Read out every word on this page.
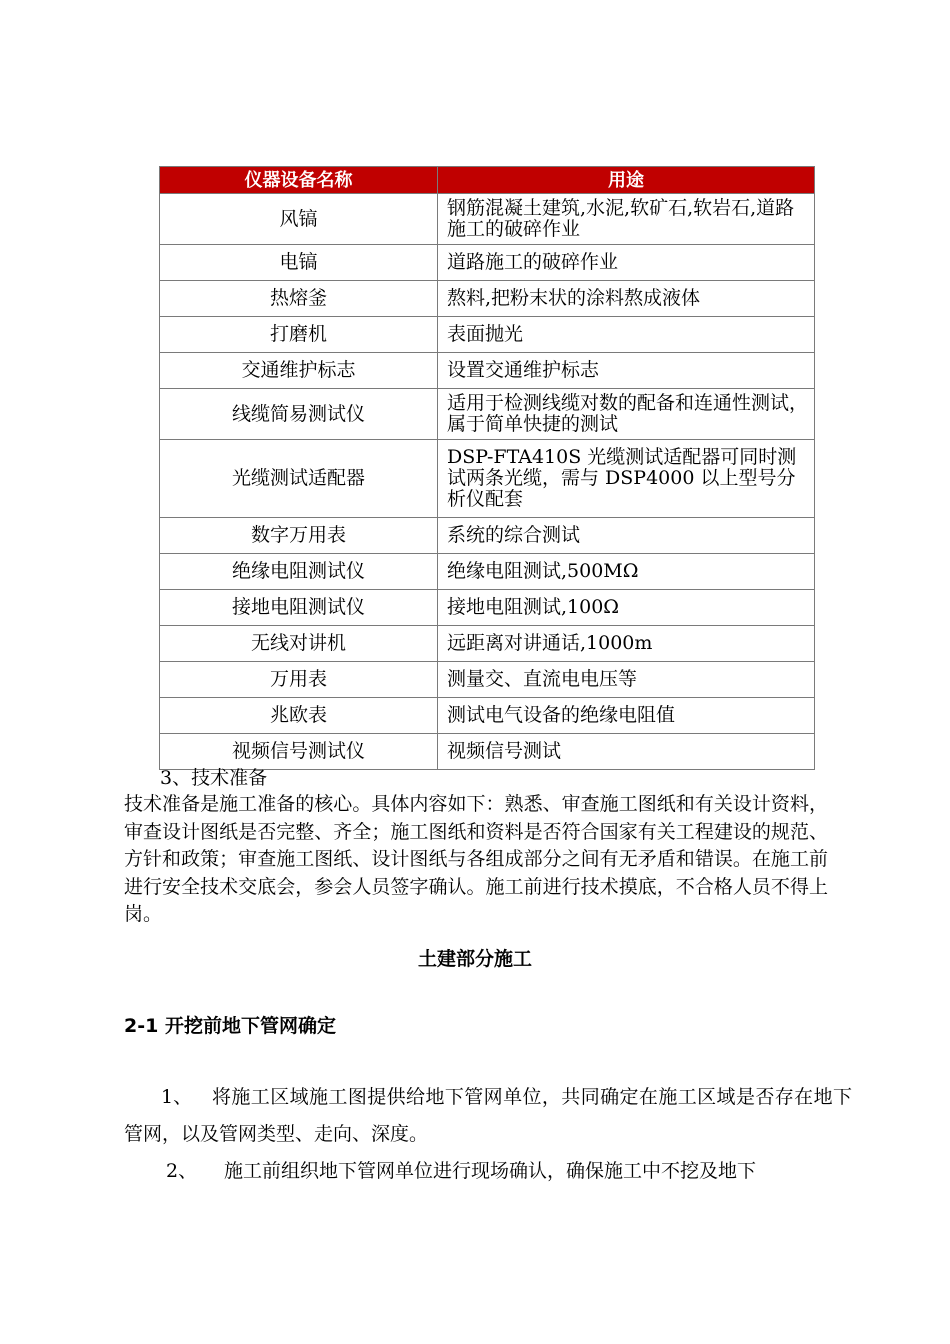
仪器设备名称	用途
风镐	钢筋混凝土建筑,水泥,软矿石,软岩石,道路施工的破碎作业
电镐	道路施工的破碎作业
热熔釜	熬料,把粉末状的涂料熬成液体
打磨机	表面抛光
交通维护标志	设置交通维护标志
线缆简易测试仪	适用于检测线缆对数的配备和连通性测试，属于简单快捷的测试
光缆测试适配器	DSP-FTA410S 光缆测试适配器可同时测试两条光缆，需与 DSP4000 以上型号分析仪配套
数字万用表	系统的综合测试
绝缘电阻测试仪	绝缘电阻测试,500MΩ
接地电阻测试仪	接地电阻测试,100Ω
无线对讲机	远距离对讲通话,1000m
万用表	测量交、直流电电压等
兆欧表	测试电气设备的绝缘电阻值
视频信号测试仪	视频信号测试
3、技术准备
技术准备是施工准备的核心。具体内容如下：熟悉、审查施工图纸和有关设计资料，审查设计图纸是否完整、齐全；施工图纸和资料是否符合国家有关工程建设的规范、方针和政策；审查施工图纸、设计图纸与各组成部分之间有无矛盾和错误。在施工前进行安全技术交底会，参会人员签字确认。施工前进行技术摸底，不合格人员不得上岗。
土建部分施工
2-1 开挖前地下管网确定
1、	将施工区域施工图提供给地下管网单位，共同确定在施工区域是否存在地下管网，以及管网类型、走向、深度。
2、 施工前组织地下管网单位进行现场确认，确保施工中不挖及地下
